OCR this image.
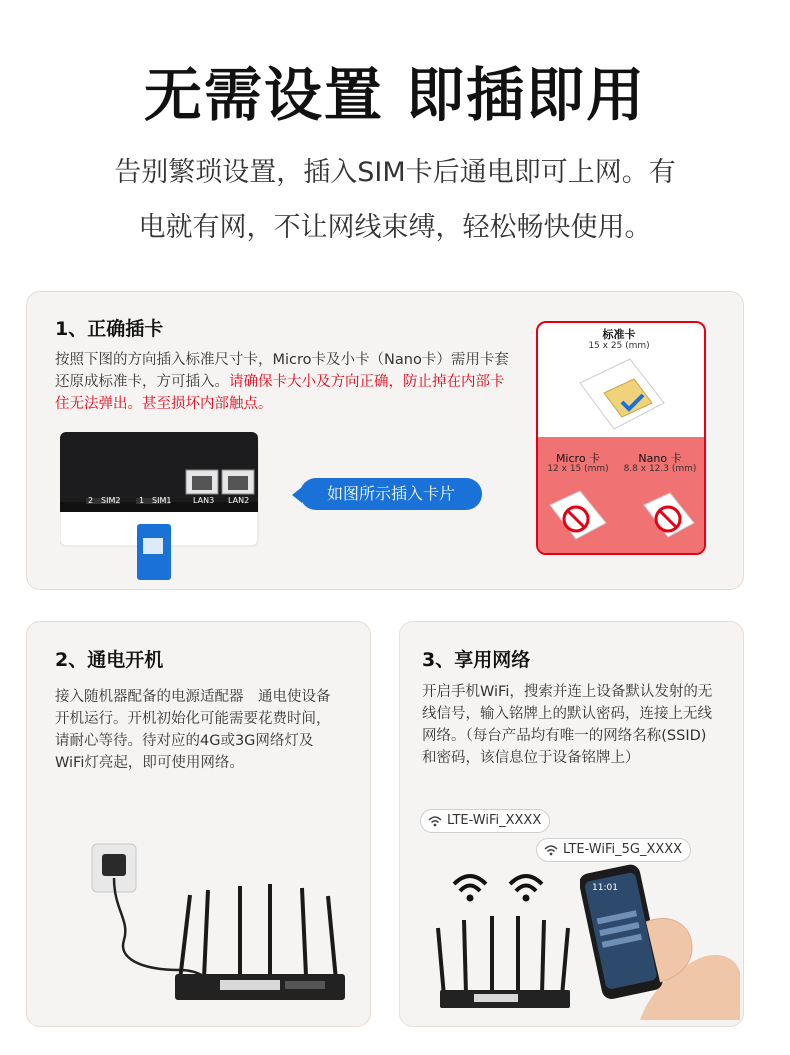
无需设置 即插即用
告别繁琐设置，插入SIM卡后通电即可上网。有
电就有网，不让网线束缚，轻松畅快使用。
1、正确插卡
按照下图的方向插入标准尺寸卡，Micro卡及小卡（Nano卡）需用卡套还原成标准卡，方可插入。请确保卡大小及方向正确，防止掉在内部卡住无法弹出。甚至损坏内部触点。
2 SIM2 1 SIM1	LAN3 LAN2	如图所示插入卡片
标准卡
15 x 25 (mm)
Micro 卡
12 x 15 (mm)
Nano 卡
8.8 x 12.3 (mm)
2、通电开机
接入随机器配备的电源适配器　通电使设备开机运行。开机初始化可能需要花费时间，请耐心等待。待对应的4G或3G网络灯及WiFi灯亮起，即可使用网络。
3、享用网络
开启手机WiFi，搜索并连上设备默认发射的无线信号，输入铭牌上的默认密码，连接上无线网络。（每台产品均有唯一的网络名称(SSID)和密码，该信息位于设备铭牌上）
LTE-WiFi_XXXX
LTE-WiFi_5G_XXXX
11:01
